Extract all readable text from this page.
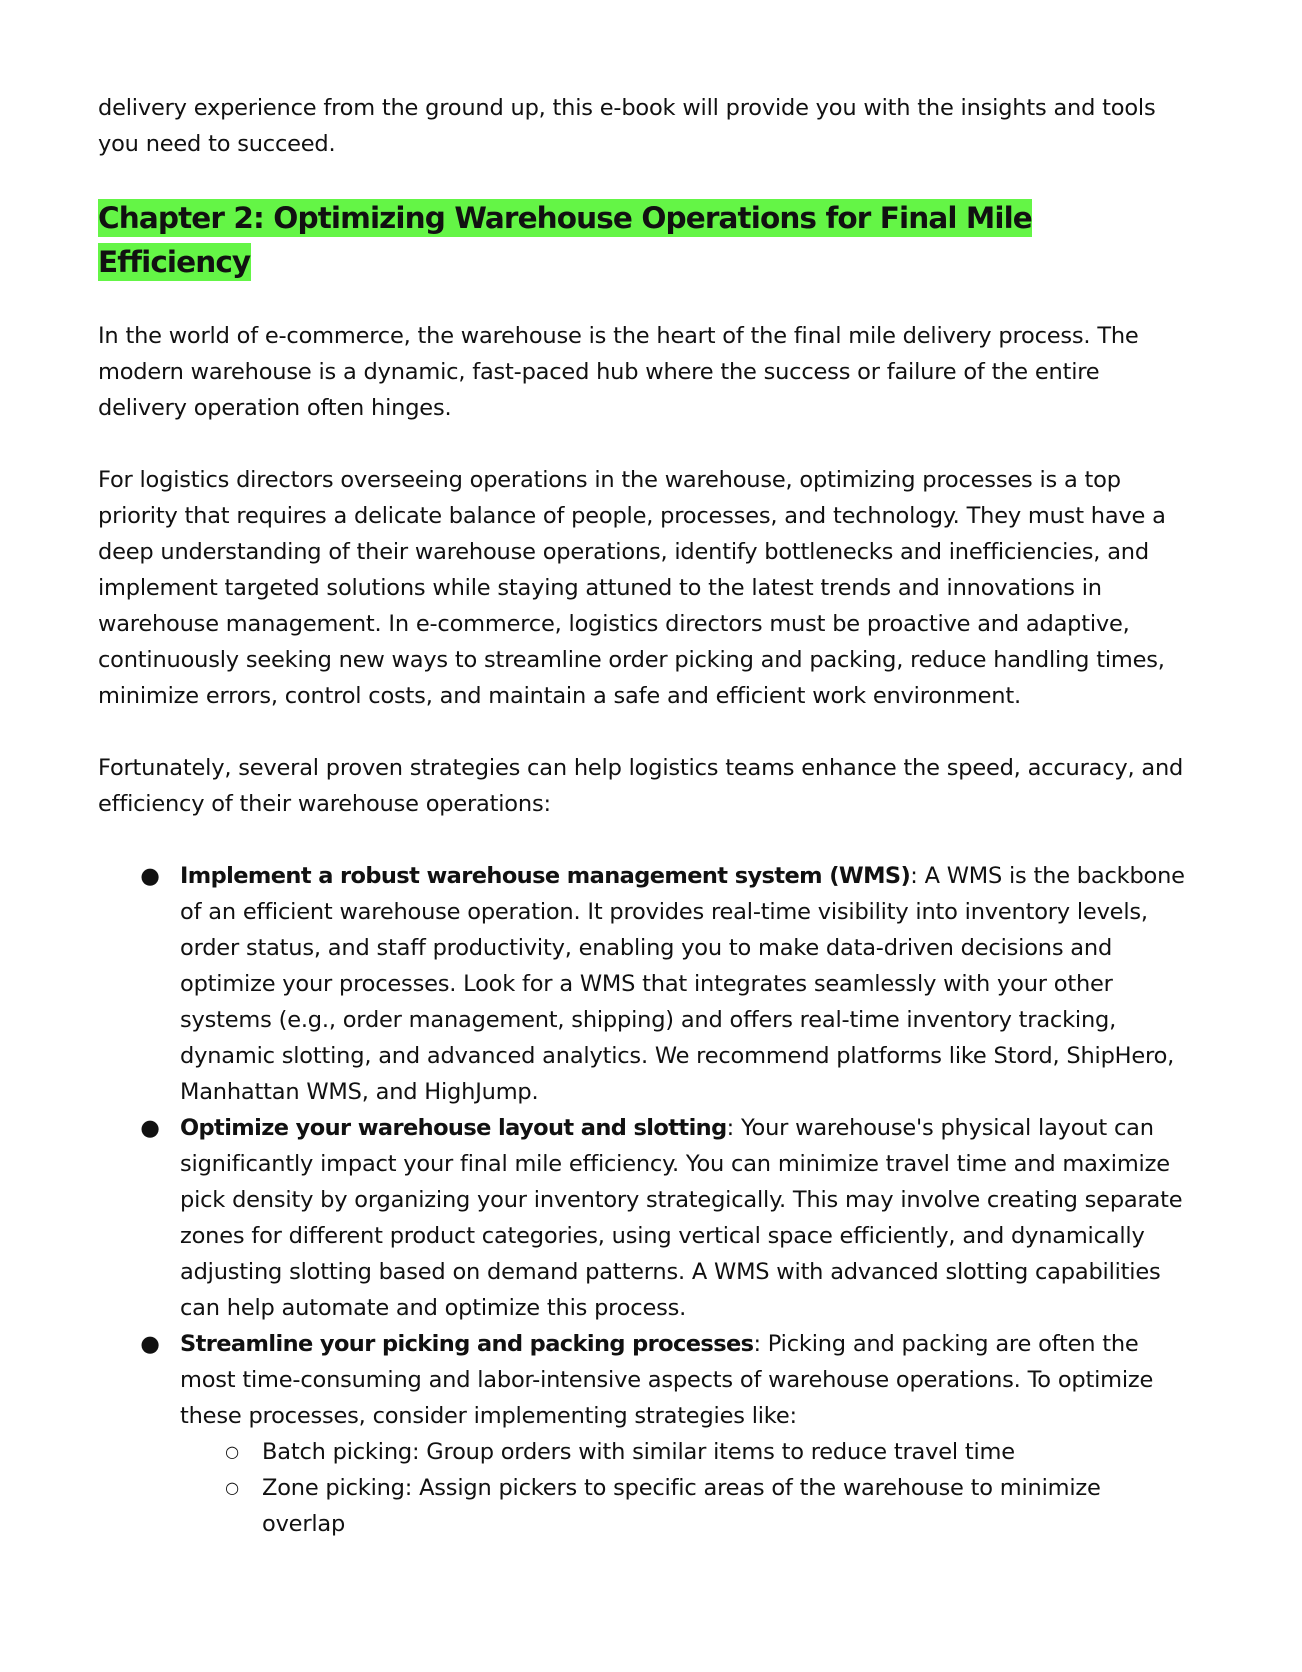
delivery experience from the ground up, this e-book will provide you with the insights and tools you need to succeed.

Chapter 2: Optimizing Warehouse Operations for Final Mile Efficiency

In the world of e-commerce, the warehouse is the heart of the final mile delivery process. The modern warehouse is a dynamic, fast-paced hub where the success or failure of the entire delivery operation often hinges.

For logistics directors overseeing operations in the warehouse, optimizing processes is a top priority that requires a delicate balance of people, processes, and technology. They must have a deep understanding of their warehouse operations, identify bottlenecks and inefficiencies, and implement targeted solutions while staying attuned to the latest trends and innovations in warehouse management. In e-commerce, logistics directors must be proactive and adaptive, continuously seeking new ways to streamline order picking and packing, reduce handling times, minimize errors, control costs, and maintain a safe and efficient work environment.

Fortunately, several proven strategies can help logistics teams enhance the speed, accuracy, and efficiency of their warehouse operations:

● Implement a robust warehouse management system (WMS): A WMS is the backbone of an efficient warehouse operation. It provides real-time visibility into inventory levels, order status, and staff productivity, enabling you to make data-driven decisions and optimize your processes. Look for a WMS that integrates seamlessly with your other systems (e.g., order management, shipping) and offers real-time inventory tracking, dynamic slotting, and advanced analytics. We recommend platforms like Stord, ShipHero, Manhattan WMS, and HighJump.
● Optimize your warehouse layout and slotting: Your warehouse's physical layout can significantly impact your final mile efficiency. You can minimize travel time and maximize pick density by organizing your inventory strategically. This may involve creating separate zones for different product categories, using vertical space efficiently, and dynamically adjusting slotting based on demand patterns. A WMS with advanced slotting capabilities can help automate and optimize this process.
● Streamline your picking and packing processes: Picking and packing are often the most time-consuming and labor-intensive aspects of warehouse operations. To optimize these processes, consider implementing strategies like:
○ Batch picking: Group orders with similar items to reduce travel time
○ Zone picking: Assign pickers to specific areas of the warehouse to minimize overlap
